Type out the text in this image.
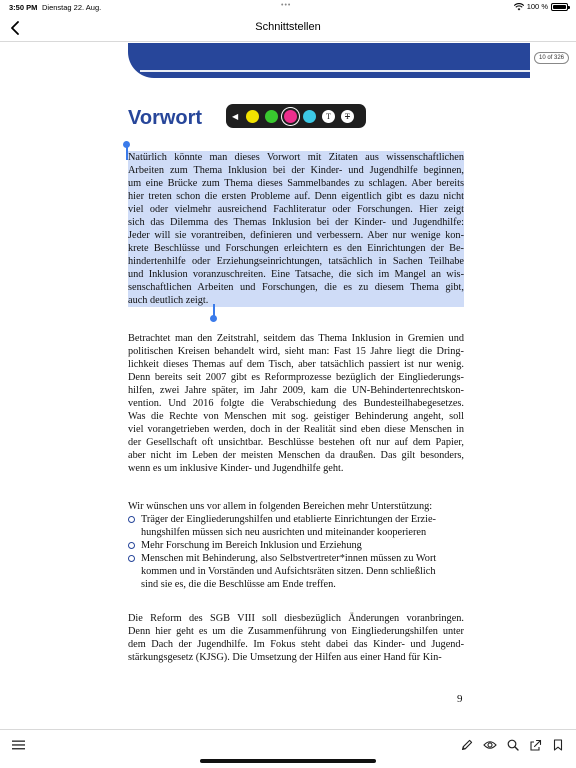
3:50 PM Dienstag 22. Aug.	•••	100 %
Schnittstellen
10 of 326
Vorwort	◀	T	T
Natürlich könnte man dieses Vorwort mit Zitaten aus wissenschaftlichen
Arbeiten zum Thema Inklusion bei der Kinder- und Jugendhilfe beginnen,
um eine Brücke zum Thema dieses Sammelbandes zu schlagen. Aber bereits
hier treten schon die ersten Probleme auf. Denn eigentlich gibt es dazu nicht
viel oder vielmehr ausreichend Fachliteratur oder Forschungen. Hier zeigt
sich das Dilemma des Themas Inklusion bei der Kinder- und Jugendhilfe:
Jeder will sie vorantreiben, definieren und verbessern. Aber nur wenige kon-
krete Beschlüsse und Forschungen erleichtern es den Einrichtungen der Be-
hindertenhilfe oder Erziehungseinrichtungen, tatsächlich in Sachen Teilhabe
und Inklusion voranzuschreiten. Eine Tatsache, die sich im Mangel an wis-
senschaftlichen Arbeiten und Forschungen, die es zu diesem Thema gibt,
auch deutlich zeigt.
Betrachtet man den Zeitstrahl, seitdem das Thema Inklusion in Gremien und
politischen Kreisen behandelt wird, sieht man: Fast 15 Jahre liegt die Dring-
lichkeit dieses Themas auf dem Tisch, aber tatsächlich passiert ist nur wenig.
Denn bereits seit 2007 gibt es Reformprozesse bezüglich der Eingliederungs-
hilfen, zwei Jahre später, im Jahr 2009, kam die UN-Behindertenrechtskon-
vention. Und 2016 folgte die Verabschiedung des Bundesteilhabegesetzes.
Was die Rechte von Menschen mit sog. geistiger Behinderung angeht, soll
viel vorangetrieben werden, doch in der Realität sind eben diese Menschen in
der Gesellschaft oft unsichtbar. Beschlüsse bestehen oft nur auf dem Papier,
aber nicht im Leben der meisten Menschen da draußen. Das gilt besonders,
wenn es um inklusive Kinder- und Jugendhilfe geht.
Wir wünschen uns vor allem in folgenden Bereichen mehr Unterstützung:
Träger der Eingliederungshilfen und etablierte Einrichtungen der Erzie-
hungshilfen müssen sich neu ausrichten und miteinander kooperieren
Mehr Forschung im Bereich Inklusion und Erziehung
Menschen mit Behinderung, also Selbstvertreter*innen müssen zu Wort
kommen und in Vorständen und Aufsichtsräten sitzen. Denn schließlich
sind sie es, die die Beschlüsse am Ende treffen.
Die Reform des SGB VIII soll diesbezüglich Änderungen voranbringen.
Denn hier geht es um die Zusammenführung von Eingliederungshilfen unter
dem Dach der Jugendhilfe. Im Fokus steht dabei das Kinder- und Jugend-
stärkungsgesetz (KJSG). Die Umsetzung der Hilfen aus einer Hand für Kin-
9
